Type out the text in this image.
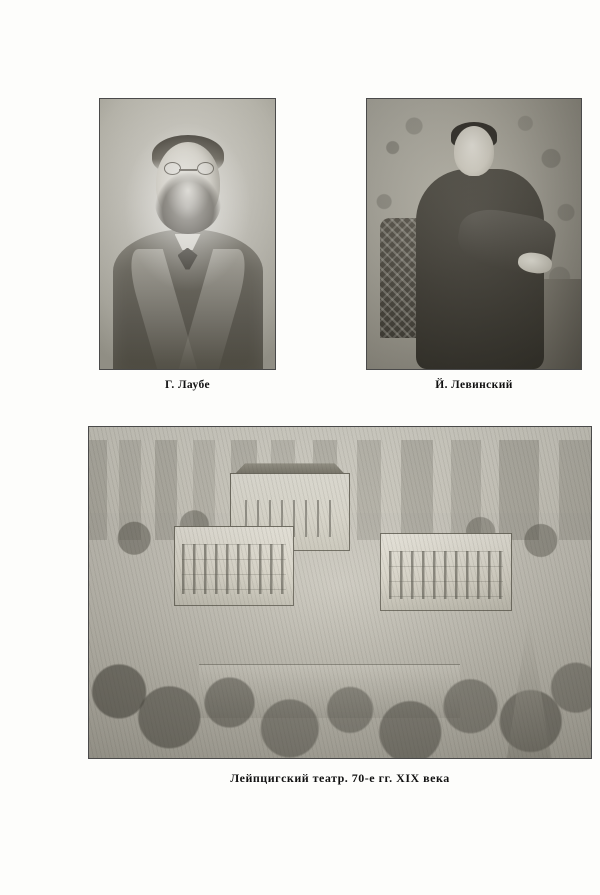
Г. Лаубе	Й. Левинский
Лейпцигский театр. 70-е гг. XIX века
